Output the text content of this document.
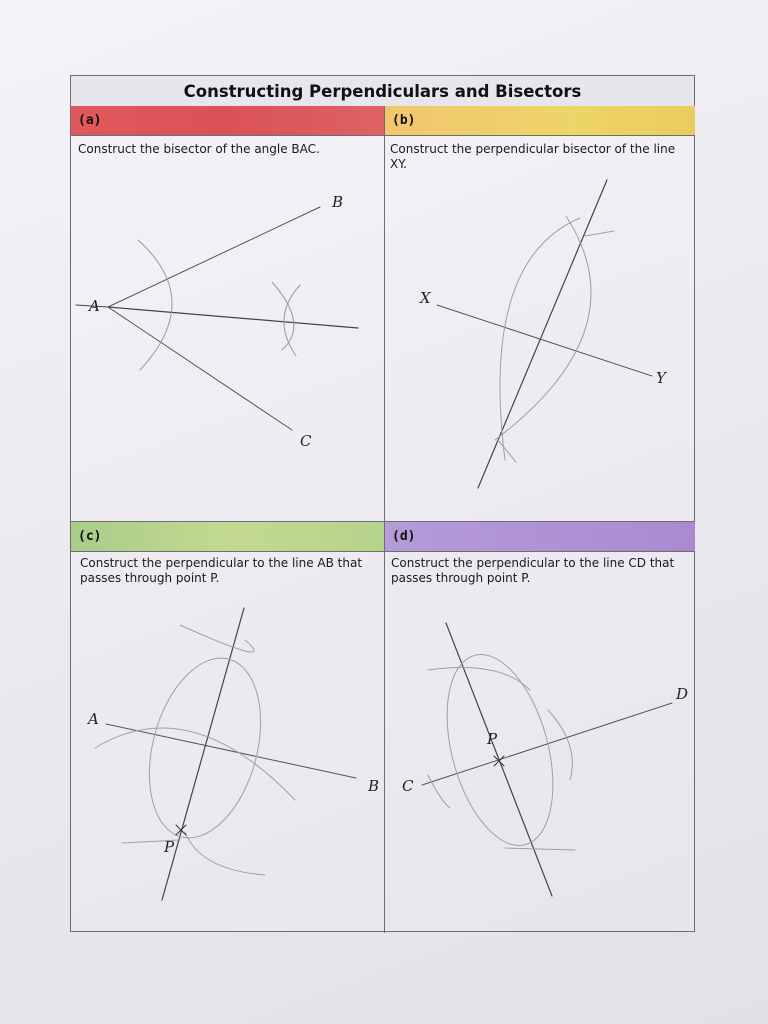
Constructing Perpendiculars and Bisectors
(a)	(b)
(c)	(d)
Construct the bisector of the angle BAC.	Construct the perpendicular bisector of the line XY.
Construct the perpendicular to the line AB that passes through point P.
Construct the perpendicular to the line CD that passes through point P.
B
A
C
X
Y
A
B
P
C
D
P
